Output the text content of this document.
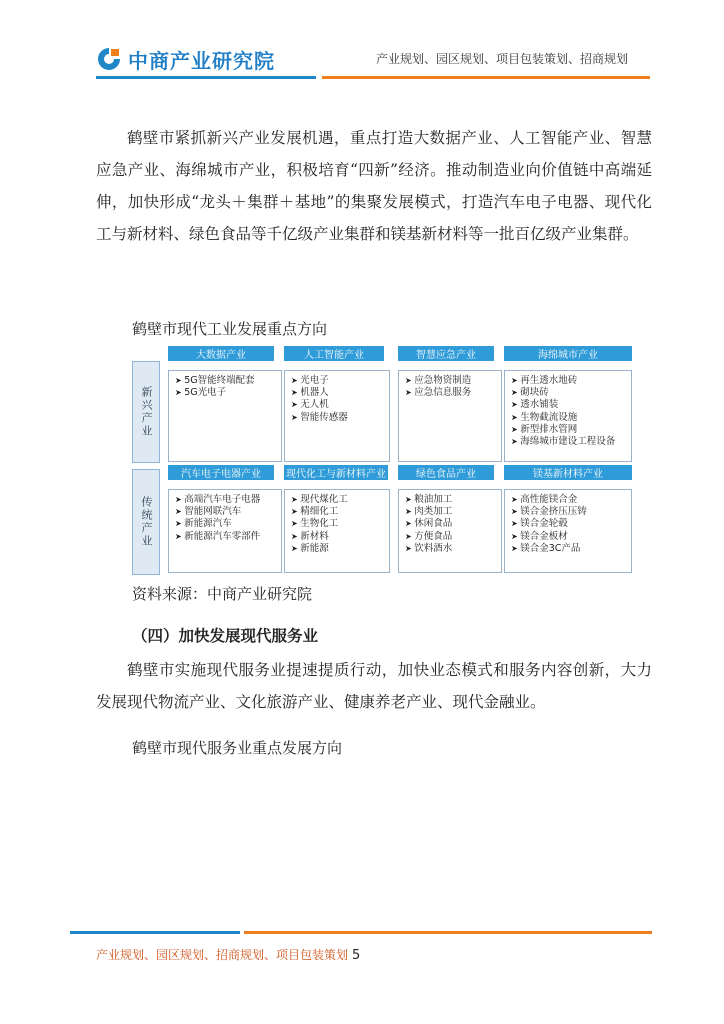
中商产业研究院	产业规划、园区规划、项目包装策划、招商规划
鹤壁市紧抓新兴产业发展机遇，重点打造大数据产业、人工智能产业、智慧应急产业、海绵城市产业，积极培育“四新”经济。推动制造业向价值链中高端延伸，加快形成“龙头＋集群＋基地”的集聚发展模式，打造汽车电子电器、现代化工与新材料、绿色食品等千亿级产业集群和镁基新材料等一批百亿级产业集群。
鹤壁市现代工业发展重点方向
新兴产业
大数据产业
➤ 5G智能终端配套
➤ 5G光电子
人工智能产业
➤ 光电子
➤ 机器人
➤ 无人机
➤ 智能传感器
智慧应急产业
➤ 应急物资制造
➤ 应急信息服务
海绵城市产业
➤ 再生透水地砖
➤ 砌块砖
➤ 透水铺装
➤ 生物截流设施
➤ 新型排水管网
➤ 海绵城市建设工程设备
传统产业
汽车电子电器产业
➤ 高端汽车电子电器
➤ 智能网联汽车
➤ 新能源汽车
➤ 新能源汽车零部件
现代化工与新材料产业
➤ 现代煤化工
➤ 精细化工
➤ 生物化工
➤ 新材料
➤ 新能源
绿色食品产业
➤ 粮油加工
➤ 肉类加工
➤ 休闲食品
➤ 方便食品
➤ 饮料酒水
镁基新材料产业
➤ 高性能镁合金
➤ 镁合金挤压压铸
➤ 镁合金轮毂
➤ 镁合金板材
➤ 镁合金3C产品
资料来源：中商产业研究院
（四）加快发展现代服务业
鹤壁市实施现代服务业提速提质行动，加快业态模式和服务内容创新，大力发展现代物流产业、文化旅游产业、健康养老产业、现代金融业。
鹤壁市现代服务业重点发展方向
产业规划、园区规划、招商规划、项目包装策划 5
